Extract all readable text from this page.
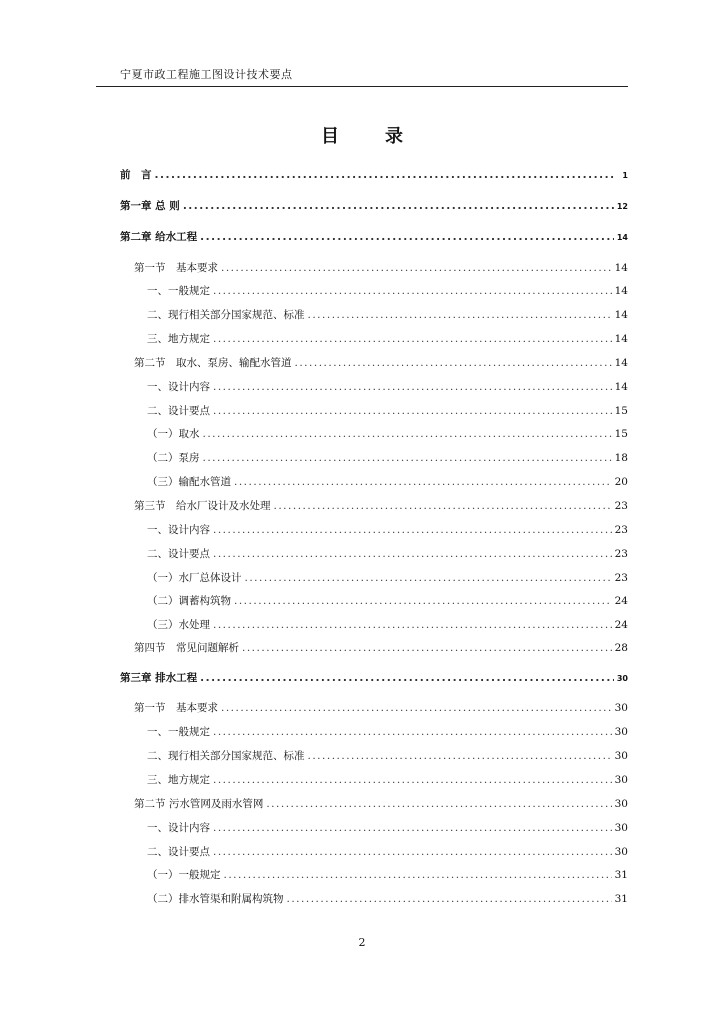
宁夏市政工程施工图设计技术要点
目　录
前　言 .....	1
第一章 总 则 .....	12
第二章 给水工程 .....	14
第一节　基本要求 .....	14
一、一般规定 .....	14
二、现行相关部分国家规范、标准 .....	14
三、地方规定 .....	14
第二节　取水、泵房、输配水管道 .....	14
一、设计内容 .....	14
二、设计要点 .....	15
（一）取水 .....	15
（二）泵房 .....	18
（三）输配水管道 .....	20
第三节　给水厂设计及水处理 .....	23
一、设计内容 .....	23
二、设计要点 .....	23
（一）水厂总体设计 .....	23
（二）调蓄构筑物 .....	24
（三）水处理 .....	24
第四节　常见问题解析 .....	28
第三章 排水工程 .....	30
第一节　基本要求 .....	30
一、一般规定 .....	30
二、现行相关部分国家规范、标准 .....	30
三、地方规定 .....	30
第二节 污水管网及雨水管网 .....	30
一、设计内容 .....	30
二、设计要点 .....	30
（一）一般规定 .....	31
（二）排水管渠和附属构筑物 .....	31
2
